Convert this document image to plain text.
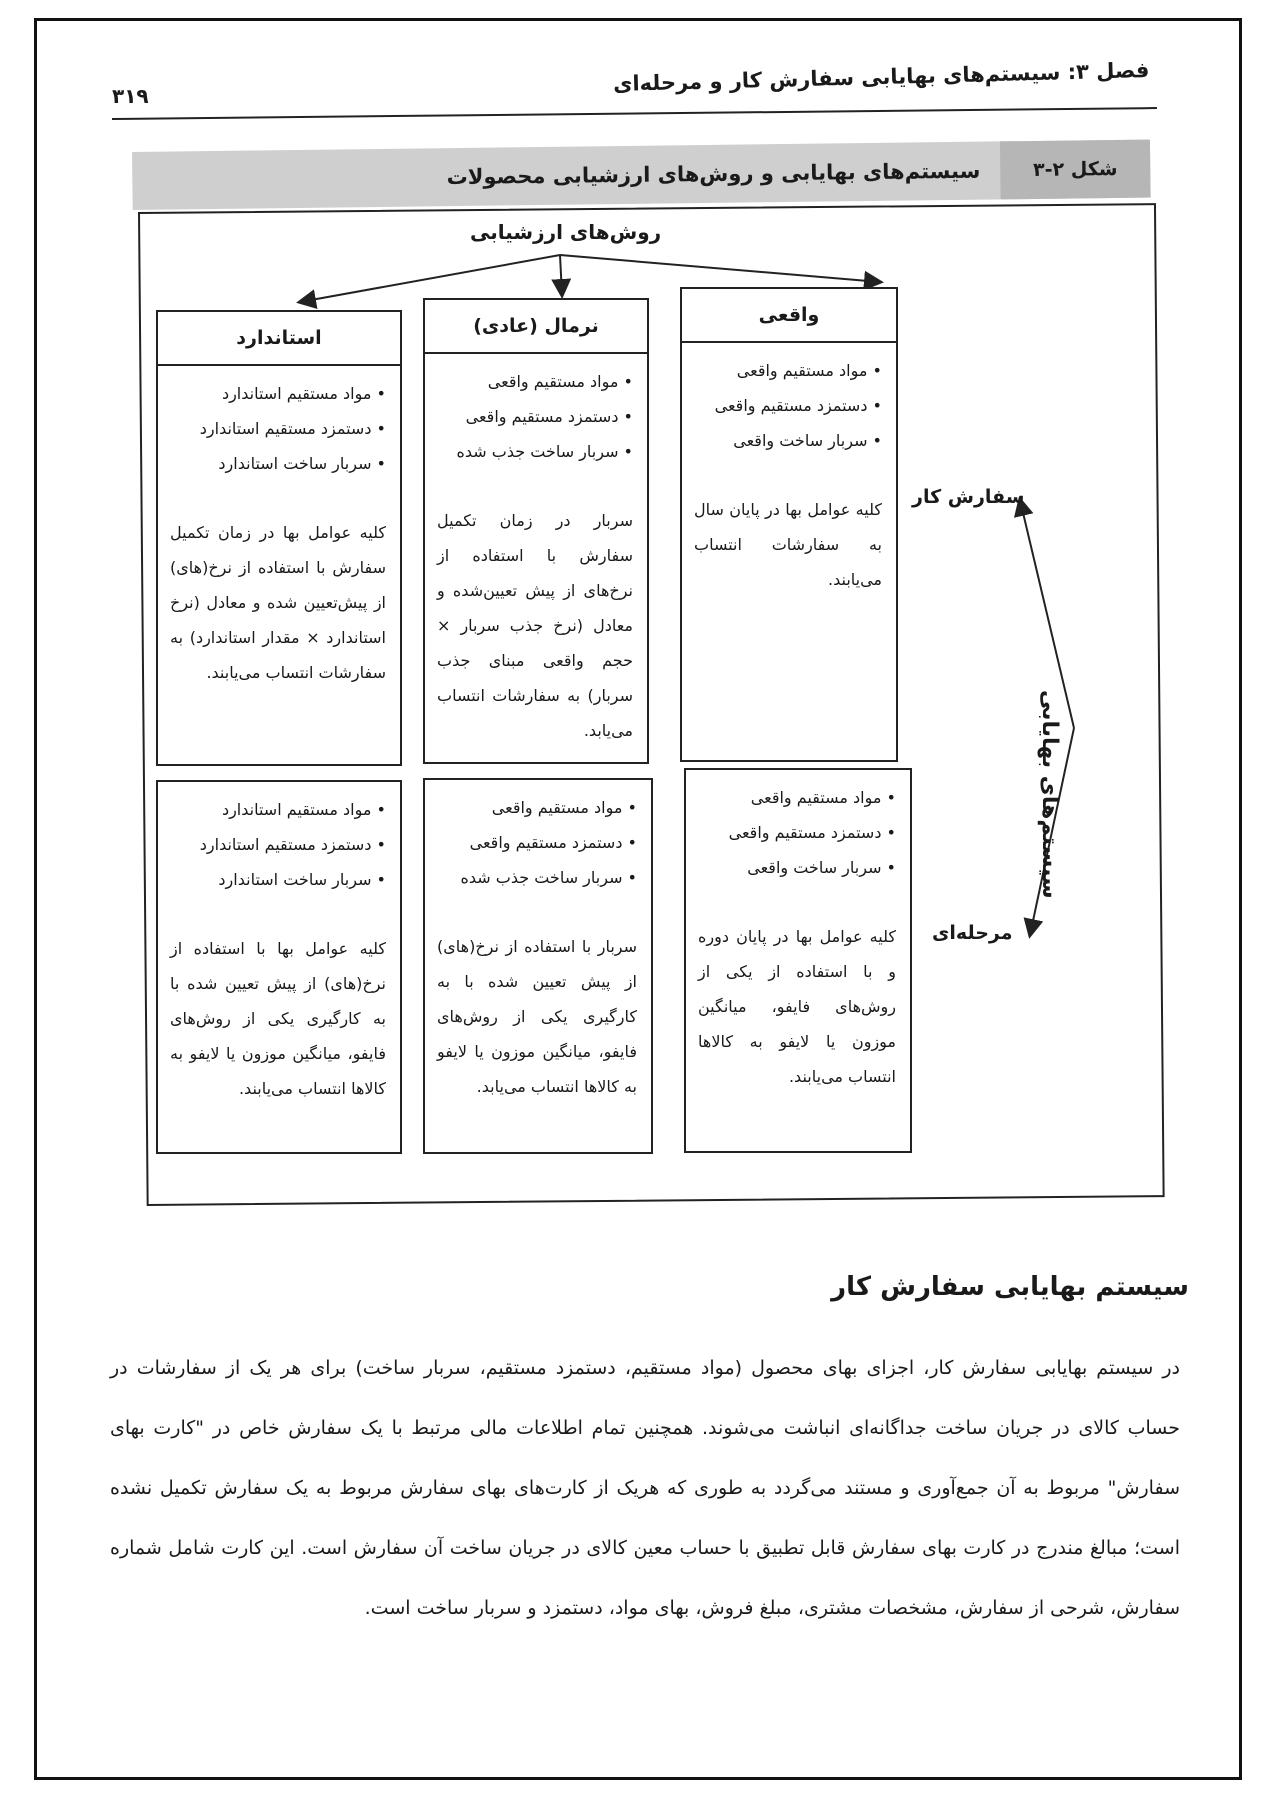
۳۱۹	فصل ۳: سیستم‌های بهایابی سفارش کار و مرحله‌ای
شکل ۲-۳
سیستم‌های بهایابی و روش‌های ارزشیابی محصولات
روش‌های ارزشیابی
واقعی
• مواد مستقیم واقعی
• دستمزد مستقیم واقعی
• سربار ساخت واقعی
کلیه عوامل بها در پایان سال به سفارشات انتساب می‌یابند.
نرمال (عادی)
• مواد مستقیم واقعی
• دستمزد مستقیم واقعی
• سربار ساخت جذب شده
سربار در زمان تکمیل سفارش با استفاده از نرخ‌های از پیش تعیین‌شده و معادل (نرخ جذب سربار × حجم واقعی مبنای جذب سربار) به سفارشات انتساب می‌یابد.
استاندارد
• مواد مستقیم استاندارد
• دستمزد مستقیم استاندارد
• سربار ساخت استاندارد
کلیه عوامل بها در زمان تکمیل سفارش با استفاده از نرخ(های) از پیش‌تعیین شده و معادل (نرخ استاندارد × مقدار استاندارد) به سفارشات انتساب می‌یابند.
• مواد مستقیم واقعی
• دستمزد مستقیم واقعی
• سربار ساخت واقعی
کلیه عوامل بها در پایان دوره و با استفاده از یکی از روش‌های فایفو، میانگین موزون یا لایفو به کالاها انتساب می‌یابند.
• مواد مستقیم واقعی
• دستمزد مستقیم واقعی
• سربار ساخت جذب شده
سربار با استفاده از نرخ(های) از پیش تعیین شده با به کارگیری یکی از روش‌های فایفو، میانگین موزون یا لایفو به کالاها انتساب می‌یابد.
• مواد مستقیم استاندارد
• دستمزد مستقیم استاندارد
• سربار ساخت استاندارد
کلیه عوامل بها با استفاده از نرخ(های) از پیش تعیین شده با به کارگیری یکی از روش‌های فایفو، میانگین موزون یا لایفو به کالاها انتساب می‌یابند.
سفارش کار
مرحله‌ای
سیستم‌های بهایابی
سیستم بهایابی سفارش کار

در سیستم بهایابی سفارش کار، اجزای بهای محصول (مواد مستقیم، دستمزد مستقیم، سربار ساخت) برای هر یک از سفارشات در حساب کالای در جریان ساخت جداگانه‌ای انباشت می‌شوند. همچنین تمام اطلاعات مالی مرتبط با یک سفارش خاص در "کارت بهای سفارش" مربوط به آن جمع‌آوری و مستند می‌گردد به طوری که هریک از کارت‌های بهای سفارش مربوط به یک سفارش تکمیل نشده است؛ مبالغ مندرج در کارت بهای سفارش قابل تطبیق با حساب معین کالای در جریان ساخت آن سفارش است. این کارت شامل شماره سفارش، شرحی از سفارش، مشخصات مشتری، مبلغ فروش، بهای مواد، دستمزد و سربار ساخت است.
